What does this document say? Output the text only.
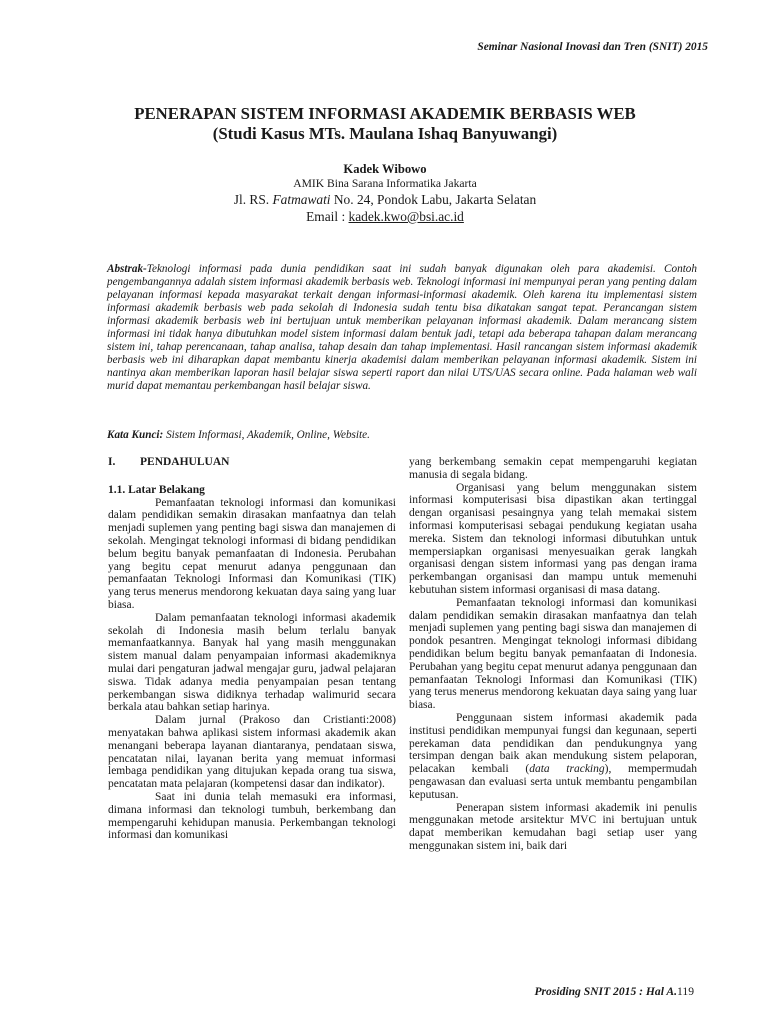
Seminar Nasional Inovasi dan Tren (SNIT) 2015
PENERAPAN SISTEM INFORMASI AKADEMIK BERBASIS WEB
(Studi Kasus MTs. Maulana Ishaq Banyuwangi)
Kadek Wibowo
AMIK Bina Sarana Informatika Jakarta
Jl. RS. Fatmawati No. 24, Pondok Labu, Jakarta Selatan
Email : kadek.kwo@bsi.ac.id
Abstrak-Teknologi informasi pada dunia pendidikan saat ini sudah banyak digunakan oleh para akademisi. Contoh pengembangannya adalah sistem informasi akademik berbasis web. Teknologi informasi ini mempunyai peran yang penting dalam pelayanan informasi kepada masyarakat terkait dengan informasi-informasi akademik. Oleh karena itu implementasi sistem informasi akademik berbasis web pada sekolah di Indonesia sudah tentu bisa dikatakan sangat tepat. Perancangan sistem informasi akademik berbasis web ini bertujuan untuk memberikan pelayanan informasi akademik. Dalam merancang sistem informasi ini tidak hanya dibutuhkan model sistem informasi dalam bentuk jadi, tetapi ada beberapa tahapan dalam merancang sistem ini, tahap perencanaan, tahap analisa, tahap desain dan tahap implementasi. Hasil rancangan sistem informasi akademik berbasis web ini diharapkan dapat membantu kinerja akademisi dalam memberikan pelayanan informasi akademik. Sistem ini nantinya akan memberikan laporan hasil belajar siswa seperti raport dan nilai UTS/UAS secara online. Pada halaman web wali murid dapat memantau perkembangan hasil belajar siswa.
Kata Kunci: Sistem Informasi, Akademik, Online, Website.
I.	PENDAHULUAN
1.1. Latar Belakang

Pemanfaatan teknologi informasi dan komunikasi dalam pendidikan semakin dirasakan manfaatnya dan telah menjadi suplemen yang penting bagi siswa dan manajemen di sekolah. Mengingat teknologi informasi di bidang pendidikan belum begitu banyak pemanfaatan di Indonesia. Perubahan yang begitu cepat menurut adanya penggunaan dan pemanfaatan Teknologi Informasi dan Komunikasi (TIK) yang terus menerus mendorong kekuatan daya saing yang luar biasa.

Dalam pemanfaatan teknologi informasi akademik sekolah di Indonesia masih belum terlalu banyak memanfaatkannya. Banyak hal yang masih menggunakan sistem manual dalam penyampaian informasi akademiknya mulai dari pengaturan jadwal mengajar guru, jadwal pelajaran siswa. Tidak adanya media penyampaian pesan tentang perkembangan siswa didiknya terhadap walimurid secara berkala atau bahkan setiap harinya.

Dalam jurnal (Prakoso dan Cristianti:2008) menyatakan bahwa aplikasi sistem informasi akademik akan menangani beberapa layanan diantaranya, pendataan siswa, pencatatan nilai, layanan berita yang memuat informasi lembaga pendidikan yang ditujukan kepada orang tua siswa, pencatatan mata pelajaran (kompetensi dasar dan indikator).

Saat ini dunia telah memasuki era informasi, dimana informasi dan teknologi tumbuh, berkembang dan mempengaruhi kehidupan manusia. Perkembangan teknologi informasi dan komunikasi

yang berkembang semakin cepat mempengaruhi kegiatan manusia di segala bidang.

Organisasi yang belum menggunakan sistem informasi komputerisasi bisa dipastikan akan tertinggal dengan organisasi pesaingnya yang telah memakai sistem informasi komputerisasi sebagai pendukung kegiatan usaha mereka. Sistem dan teknologi informasi dibutuhkan untuk mempersiapkan organisasi menyesuaikan gerak langkah organisasi dengan sistem informasi yang pas dengan irama perkembangan organisasi dan mampu untuk memenuhi kebutuhan sistem informasi organisasi di masa datang.

Pemanfaatan teknologi informasi dan komunikasi dalam pendidikan semakin dirasakan manfaatnya dan telah menjadi suplemen yang penting bagi siswa dan manajemen di pondok pesantren. Mengingat teknologi informasi dibidang pendidikan belum begitu banyak pemanfaatan di Indonesia. Perubahan yang begitu cepat menurut adanya penggunaan dan pemanfaatan Teknologi Informasi dan Komunikasi (TIK) yang terus menerus mendorong kekuatan daya saing yang luar biasa.

Penggunaan sistem informasi akademik pada institusi pendidikan mempunyai fungsi dan kegunaan, seperti perekaman data pendidikan dan pendukungnya yang tersimpan dengan baik akan mendukung sistem pelaporan, pelacakan kembali (data tracking), mempermudah pengawasan dan evaluasi serta untuk membantu pengambilan keputusan.

Penerapan sistem informasi akademik ini penulis menggunakan metode arsitektur MVC ini bertujuan untuk dapat memberikan kemudahan bagi setiap user yang menggunakan sistem ini, baik dari

Prosiding SNIT 2015 : Hal A.119
